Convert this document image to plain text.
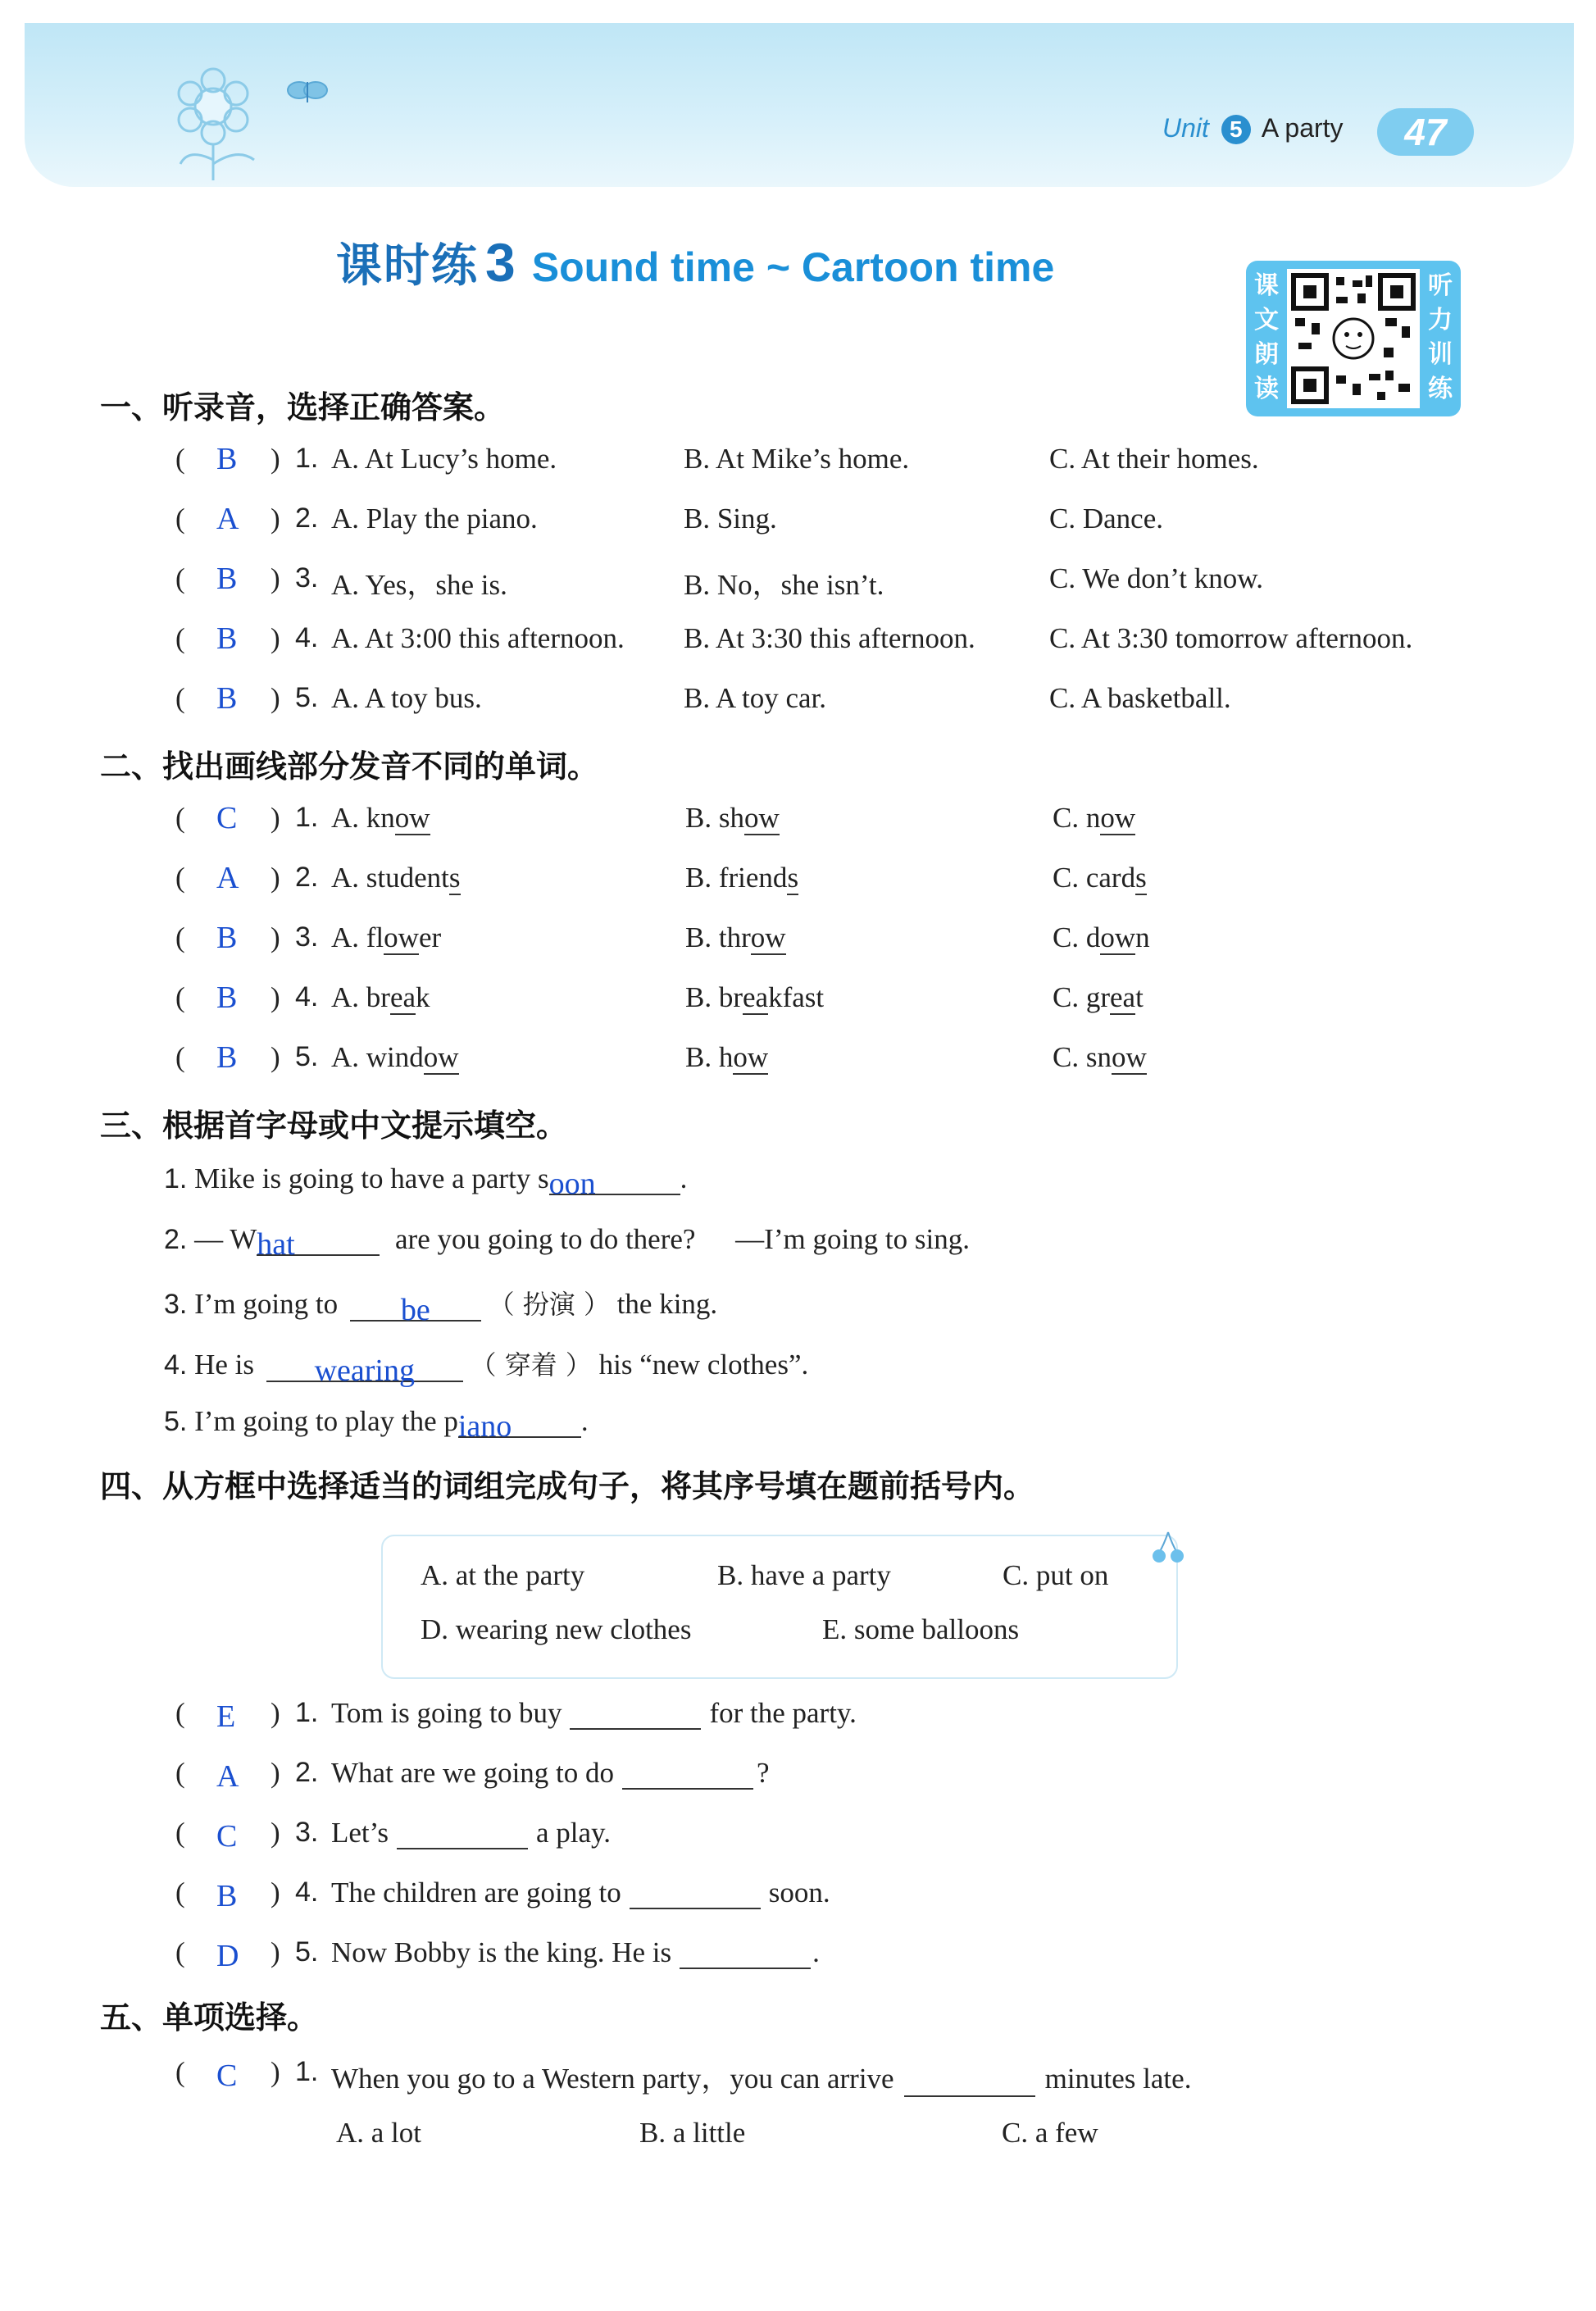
Unit 5 A party	47
课时练 3 Sound time ~ Cartoon time	课
文
朗
读
听
力
训
练
一、听录音，选择正确答案。
( B ) 1. A. At Lucy’s home.	B. At Mike’s home.	C. At their homes.
( A ) 2. A. Play the piano.	B. Sing.	C. Dance.
( B ) 3. A. Yes，she is.	B. No，she isn’t.	C. We don’t know.
( B ) 4. A. At 3:00 this afternoon. B. At 3:30 this afternoon.	C. At 3:30 tomorrow afternoon.
( B ) 5. A. A toy bus.	B. A toy car.	C. A basketball.
二、找出画线部分发音不同的单词。
( C ) 1. A. know	B. show	C. now
( A ) 2. A. students	B. friends	C. cards
( B ) 3. A. flower	B. throw	C. down
( B ) 4. A. break	B. breakfast	C. great
( B ) 5. A. window	B. how	C. snow
三、根据首字母或中文提示填空。
1. Mike is going to have a party soon	.
2. — What	are you going to do there? —I’m going to sing.
3. I’m going to be （ 扮演 ） the king.
4. He is wearing （ 穿着 ） his “new clothes”.
5. I’m going to play the piano .
四、从方框中选择适当的词组完成句子，将其序号填在题前括号内。
A. at the party	B. have a party	C. put on
D. wearing new clothes	E. some balloons
( E ) 1. Tom is going to buy	for the party.
( A ) 2. What are we going to do	?
( C ) 3. Let’s	a play.
( B ) 4. The children are going to	soon.
( D ) 5. Now Bobby is the king. He is	.
五、单项选择。
( C ) 1. When you go to a Western party，you can arrive	minutes late.
A. a lot	B. a little	C. a few
